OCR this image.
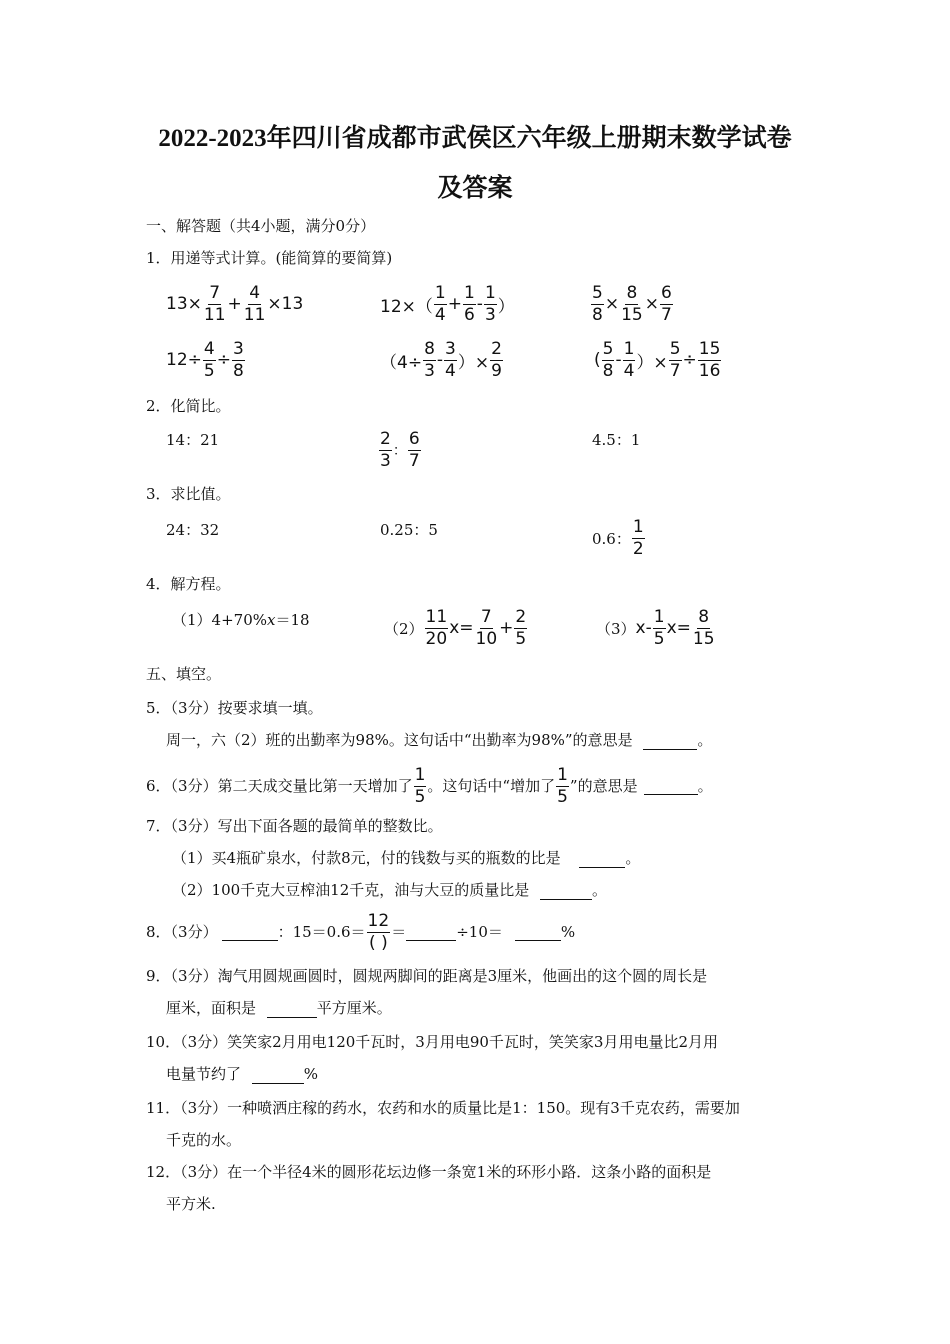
2022-2023年四川省成都市武侯区六年级上册期末数学试卷
及答案
一、解答题（共4小题，满分0分）
1．用递等式计算。(能简算的要简算)
$13\times \frac{7}{11} + \frac{4}{11} \times 13$	$12\times( \frac{1}{4} + \frac{1}{6} - \frac{1}{3}$ ）	$\frac{5}{8} \times \frac{8}{15} \times \frac{6}{7}$
$12\div \frac{4}{5} \div \frac{3}{8}$	（$4\div \frac{8}{3} - \frac{3}{4}$ ）× $\frac{2}{9}$	( $\frac{5}{8} - \frac{1}{4}$ ）× $\frac{5}{7} \div \frac{15}{16}$
2．化简比。
14：21	$\frac{2}{3}$ ： $\frac{6}{7}$	4.5：1
3．求比值。
24：32	0.25：5	0.6： $\frac{1}{2}$
4．解方程。
（1）4+70%x＝18	$(2) \frac{11}{20} x= \frac{7}{10} + \frac{2}{5}$	（3） $x- \frac{1}{5} x= \frac{8}{15}$
五、填空。
5．（3分）按要求填一填。
周一，六（2）班的出勤率为98%。这句话中“出勤率为98%”的意思是	。
6．（3分）第二天成交量比第一天增加了 $\frac{1}{5}$ 。这句话中“增加了 $\frac{1}{5}$ ”的意思是	。
7．（3分）写出下面各题的最简单的整数比。
（1）买4瓶矿泉水，付款8元，付的钱数与买的瓶数的比是	。
（2）100千克大豆榨油12千克，油与大豆的质量比是	。
8．（3分）	：$15=0.6= \frac{12}{( )}$ ＝	÷10＝	%
9．（3分）淘气用圆规画圆时，圆规两脚间的距离是3厘米，他画出的这个圆的周长是
厘米，面积是	平方厘米。
10．（3分）笑笑家2月用电120千瓦时，3月用电90千瓦时，笑笑家3月用电量比2月用
电量节约了	%
11．（3分）一种喷洒庄稼的药水，农药和水的质量比是1：150。现有3千克农药，需要加
千克的水。
12．（3分）在一个半径4米的圆形花坛边修一条宽1米的环形小路．这条小路的面积是
平方米.
